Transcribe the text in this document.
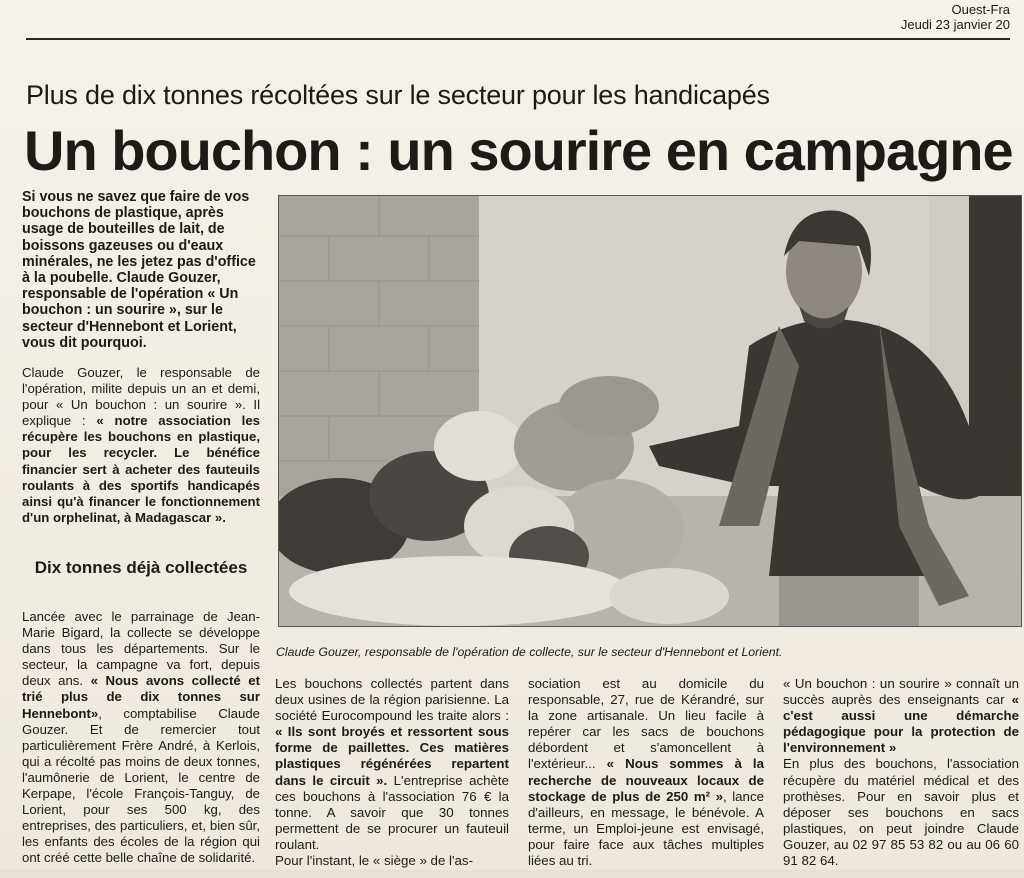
Ouest-Fra
Jeudi 23 janvier 20
Plus de dix tonnes récoltées sur le secteur pour les handicapés
Un bouchon : un sourire en campagne
Si vous ne savez que faire de vos bouchons de plastique, après usage de bouteilles de lait, de boissons gazeuses ou d'eaux minérales, ne les jetez pas d'office à la poubelle. Claude Gouzer, responsable de l'opération « Un bouchon : un sourire », sur le secteur d'Hennebont et Lorient, vous dit pourquoi.
Claude Gouzer, le responsable de l'opération, milite depuis un an et demi, pour « Un bouchon : un sourire ». Il explique : « notre association les récupère les bouchons en plastique, pour les recycler. Le bénéfice financier sert à acheter des fauteuils roulants à des sportifs handicapés ainsi qu'à financer le fonctionnement d'un orphelinat, à Madagascar ».
Dix tonnes déjà collectées
Lancée avec le parrainage de Jean-Marie Bigard, la collecte se développe dans tous les départements. Sur le secteur, la campagne va fort, depuis deux ans. « Nous avons collecté et trié plus de dix tonnes sur Hennebont», comptabilise Claude Gouzer. Et de remercier tout particulièrement Frère André, à Kerlois, qui a récolté pas moins de deux tonnes, l'aumônerie de Lorient, le centre de Kerpape, l'école François-Tanguy, de Lorient, pour ses 500 kg, des entreprises, des particuliers, et, bien sûr, les enfants des écoles de la région qui ont créé cette belle chaîne de solidarité.
Claude Gouzer, responsable de l'opération de collecte, sur le secteur d'Hennebont et Lorient.
Les bouchons collectés partent dans deux usines de la région parisienne. La société Eurocompound les traite alors : « Ils sont broyés et ressortent sous forme de paillettes. Ces matières plastiques régénérées repartent dans le circuit ». L'entreprise achète ces bouchons à l'association 76 € la tonne. A savoir que 30 tonnes permettent de se procurer un fauteuil roulant.
Pour l'instant, le « siège » de l'as-
sociation est au domicile du responsable, 27, rue de Kérandré, sur la zone artisanale. Un lieu facile à repérer car les sacs de bouchons débordent et s'amoncellent à l'extérieur... « Nous sommes à la recherche de nouveaux locaux de stockage de plus de 250 m² », lance d'ailleurs, en message, le bénévole. A terme, un Emploi-jeune est envisagé, pour faire face aux tâches multiples liées au tri.
« Un bouchon : un sourire » connaît un succès auprès des enseignants car « c'est aussi une démarche pédagogique pour la protection de l'environnement »
En plus des bouchons, l'association récupère du matériel médical et des prothèses. Pour en savoir plus et déposer ses bouchons en sacs plastiques, on peut joindre Claude Gouzer, au 02 97 85 53 82 ou au 06 60 91 82 64.
